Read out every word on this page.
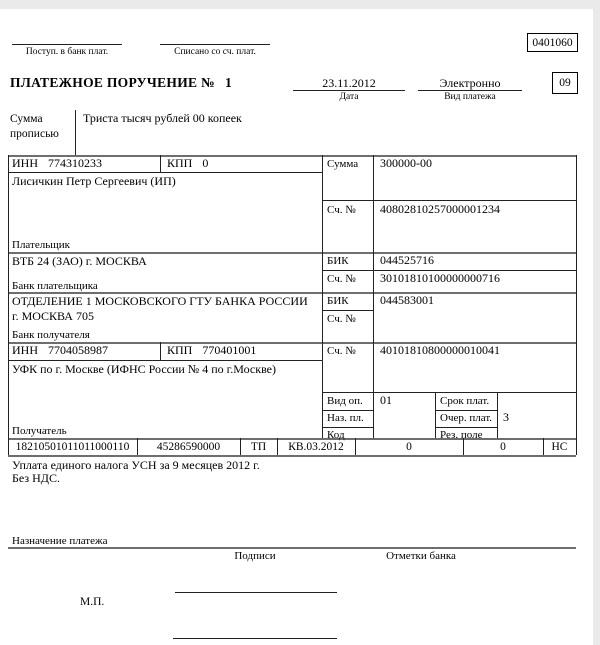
Поступ. в банк плат.	Списано со сч. плат.
0401060
ПЛАТЕЖНОЕ ПОРУЧЕНИЕ № 1	23.11.2012
Дата
Электронно
Вид платежа
09
Сумма прописью
Триста тысяч рублей 00 копеек
ИНН 774310233	КПП 0
Лисичкин Петр Сергеевич (ИП)
Плательщик
Сумма 300000-00
Сч. № 40802810257000001234
ВТБ 24 (ЗАО) г. МОСКВА
Банк плательщика
БИК	044525716
Сч. № 30101810100000000716
ОТДЕЛЕНИЕ 1 МОСКОВСКОГО ГТУ БАНКА РОССИИ г. МОСКВА 705
Банк получателя
БИК	044583001
Сч. №
ИНН 7704058987	КПП 770401001
УФК по г. Москве (ИФНС России № 4 по г.Москве)
Получатель
Сч. № 40101810800000010041
Вид оп. 01
Наз. пл.
Код
Срок плат.
Очер. плат. 3
Рез. поле
18210501011011000110	45286590000	ТП	КВ.03.2012	0	0	НС
Уплата единого налога УСН за 9 месяцев 2012 г.
Без НДС.
Назначение платежа
Подписи	Отметки банка
М.П.
